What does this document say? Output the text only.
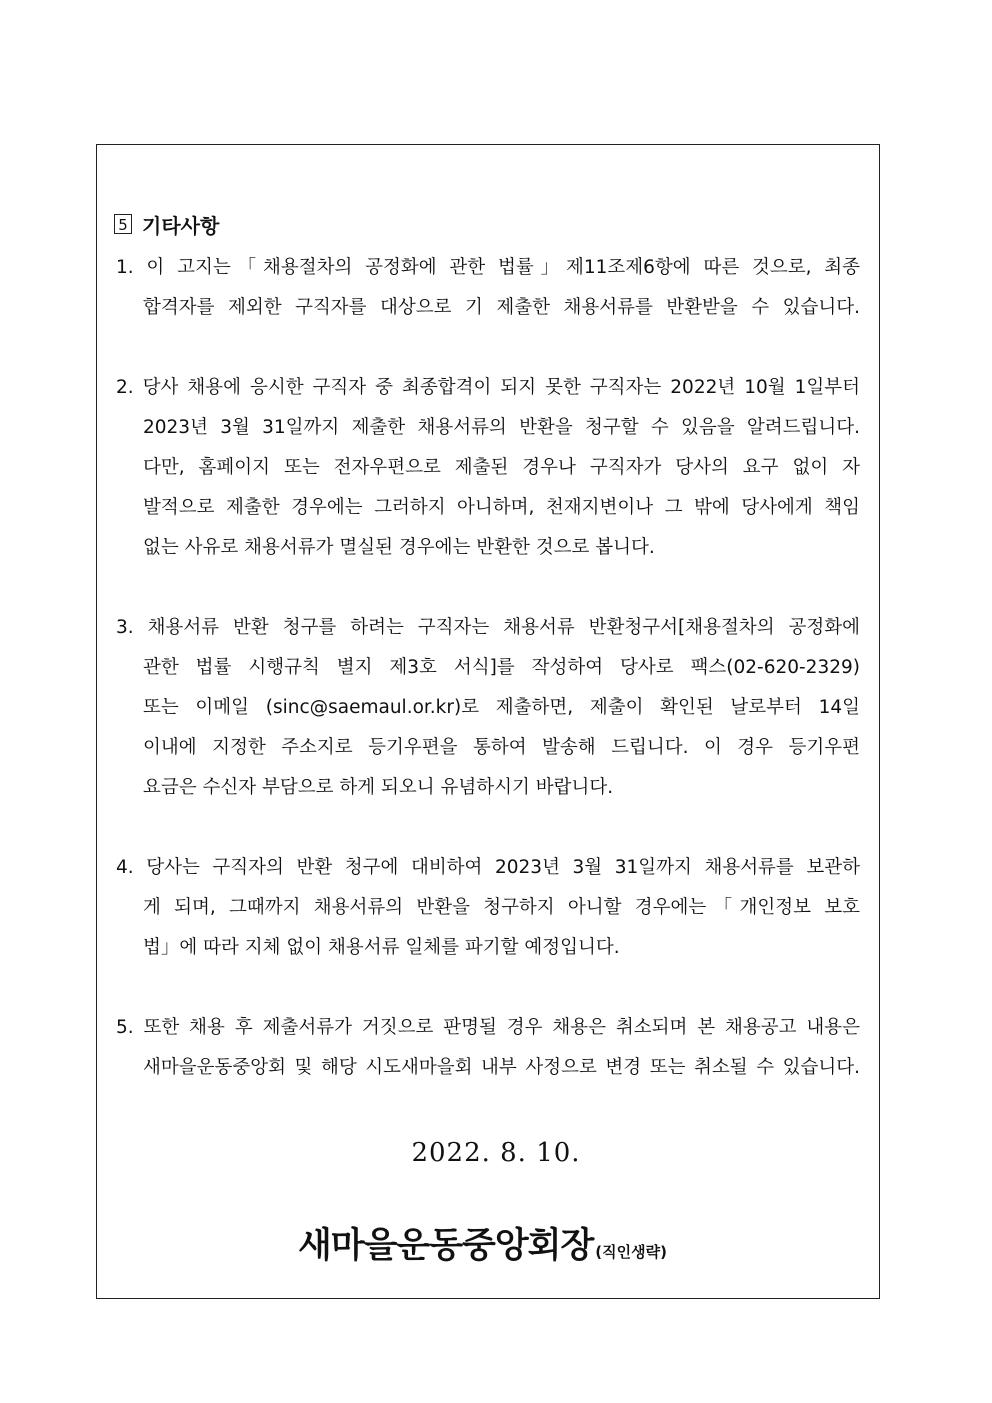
5 기타사항
1. 이 고지는「채용절차의 공정화에 관한 법률」제11조제6항에 따른 것으로, 최종
합격자를 제외한 구직자를 대상으로 기 제출한 채용서류를 반환받을 수 있습니다.
2. 당사 채용에 응시한 구직자 중 최종합격이 되지 못한 구직자는 2022년 10월 1일부터
2023년 3월 31일까지 제출한 채용서류의 반환을 청구할 수 있음을 알려드립니다.
다만, 홈페이지 또는 전자우편으로 제출된 경우나 구직자가 당사의 요구 없이 자
발적으로 제출한 경우에는 그러하지 아니하며, 천재지변이나 그 밖에 당사에게 책임
없는 사유로 채용서류가 멸실된 경우에는 반환한 것으로 봅니다.
3. 채용서류 반환 청구를 하려는 구직자는 채용서류 반환청구서[채용절차의 공정화에
관한 법률 시행규칙 별지 제3호 서식]를 작성하여 당사로 팩스(02-620-2329)
또는 이메일 (sinc@saemaul.or.kr)로 제출하면, 제출이 확인된 날로부터 14일
이내에 지정한 주소지로 등기우편을 통하여 발송해 드립니다. 이 경우 등기우편
요금은 수신자 부담으로 하게 되오니 유념하시기 바랍니다.
4. 당사는 구직자의 반환 청구에 대비하여 2023년 3월 31일까지 채용서류를 보관하
게 되며, 그때까지 채용서류의 반환을 청구하지 아니할 경우에는「개인정보 보호
법」에 따라 지체 없이 채용서류 일체를 파기할 예정입니다.
5. 또한 채용 후 제출서류가 거짓으로 판명될 경우 채용은 취소되며 본 채용공고 내용은
새마을운동중앙회 및 해당 시도새마을회 내부 사정으로 변경 또는 취소될 수 있습니다.
2022. 8. 10.
새마을운동중앙회장 (직인생략)
